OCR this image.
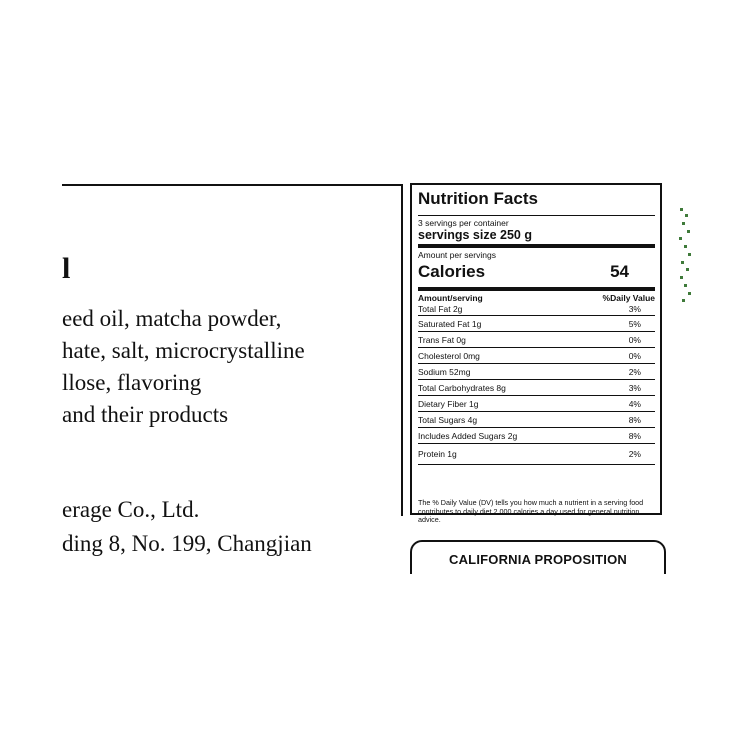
l
eed oil, matcha powder,
hate, salt, microcrystalline
llose, flavoring
and their products
erage Co., Ltd.
ding 8, No. 199, Changjian
Nutrition Facts
3 servings per container
servings size 250 g
Amount per servings
Calories	54
Amount/serving	%Daily Value
Total Fat 2g	3%
Saturated Fat 1g	5%
Trans Fat 0g	0%
Cholesterol 0mg	0%
Sodium 52mg	2%
Total Carbohydrates 8g	3%
Dietary Fiber 1g	4%
Total Sugars 4g	8%
Includes Added Sugars 2g	8%
Protein 1g	2%
The % Daily Value (DV) tells you how much a nutrient in a serving food contributes to daily diet 2,000 calories a day used for general nutrition advice.
CALIFORNIA PROPOSITION
